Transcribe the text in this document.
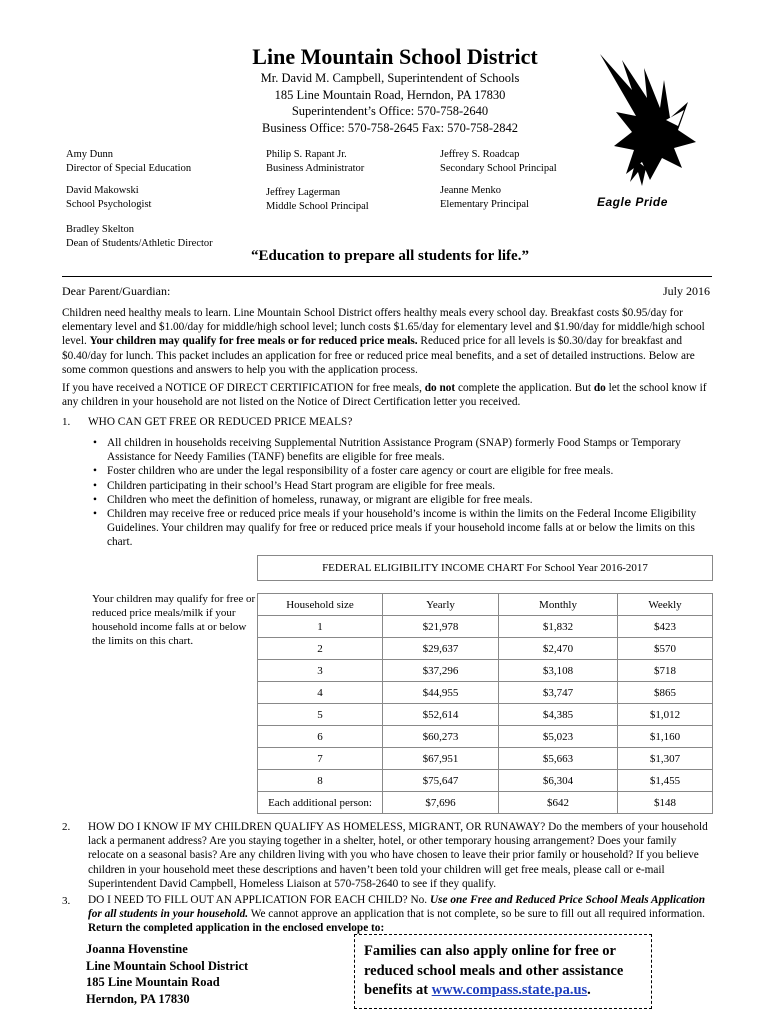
Line Mountain School District
Mr. David M. Campbell, Superintendent of Schools
185 Line Mountain Road, Herndon, PA 17830
Superintendent’s Office: 570-758-2640
Business Office: 570-758-2645 Fax: 570-758-2842
Amy Dunn
Director of Special Education
Philip S. Rapant Jr.
Business Administrator
Jeffrey S. Roadcap
Secondary School Principal
David Makowski
School Psychologist
Jeffrey Lagerman
Middle School Principal
Jeanne Menko
Elementary Principal
Bradley Skelton
Dean of Students/Athletic Director
Eagle Pride
“Education to prepare all students for life.”
Dear Parent/Guardian:	July 2016
Children need healthy meals to learn. Line Mountain School District offers healthy meals every school day. Breakfast costs $0.95/day for elementary level and $1.00/day for middle/high school level; lunch costs $1.65/day for elementary level and $1.90/day for middle/high school level. Your children may qualify for free meals or for reduced price meals. Reduced price for all levels is $0.30/day for breakfast and $0.40/day for lunch. This packet includes an application for free or reduced price meal benefits, and a set of detailed instructions. Below are some common questions and answers to help you with the application process.
If you have received a NOTICE OF DIRECT CERTIFICATION for free meals, do not complete the application. But do let the school know if any children in your household are not listed on the Notice of Direct Certification letter you received.
1. WHO CAN GET FREE OR REDUCED PRICE MEALS?
• All children in households receiving Supplemental Nutrition Assistance Program (SNAP) formerly Food Stamps or Temporary Assistance for Needy Families (TANF) benefits are eligible for free meals.
• Foster children who are under the legal responsibility of a foster care agency or court are eligible for free meals.
• Children participating in their school’s Head Start program are eligible for free meals.
• Children who meet the definition of homeless, runaway, or migrant are eligible for free meals.
• Children may receive free or reduced price meals if your household’s income is within the limits on the Federal Income Eligibility Guidelines. Your children may qualify for free or reduced price meals if your household income falls at or below the limits on this chart.
Your children may qualify for free or reduced price meals/milk if your household income falls at or below the limits on this chart.
FEDERAL ELIGIBILITY INCOME CHART For School Year 2016-2017			

Household size	Yearly	Monthly	Weekly
1	$21,978	$1,832	$423
2	$29,637	$2,470	$570
3	$37,296	$3,108	$718
4	$44,955	$3,747	$865
5	$52,614	$4,385	$1,012
6	$60,273	$5,023	$1,160
7	$67,951	$5,663	$1,307
8	$75,647	$6,304	$1,455
Each additional person:	$7,696	$642	$148
2. HOW DO I KNOW IF MY CHILDREN QUALIFY AS HOMELESS, MIGRANT, OR RUNAWAY? Do the members of your household lack a permanent address? Are you staying together in a shelter, hotel, or other temporary housing arrangement? Does your family relocate on a seasonal basis? Are any children living with you who have chosen to leave their prior family or household? If you believe children in your household meet these descriptions and haven’t been told your children will get free meals, please call or e-mail Superintendent David Campbell, Homeless Liaison at 570-758-2640 to see if they qualify.
3. DO I NEED TO FILL OUT AN APPLICATION FOR EACH CHILD? No. Use one Free and Reduced Price School Meals Application for all students in your household. We cannot approve an application that is not complete, so be sure to fill out all required information. Return the completed application in the enclosed envelope to:
Joanna Hovenstine
Line Mountain School District
185 Line Mountain Road
Herndon, PA 17830
Families can also apply online for free or reduced school meals and other assistance benefits at www.compass.state.pa.us.
